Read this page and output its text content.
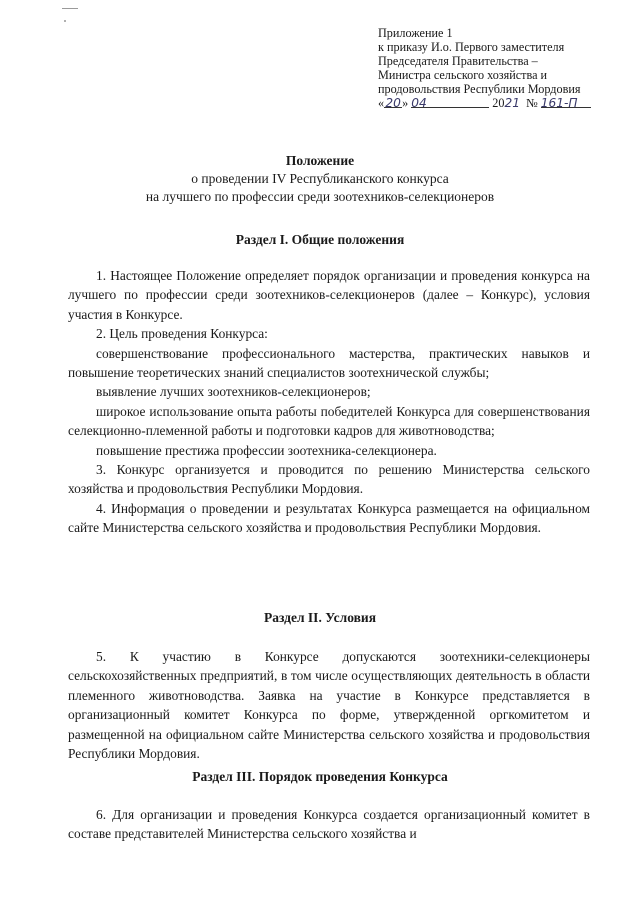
Приложение 1
к приказу И.о. Первого заместителя
Председателя Правительства –
Министра сельского хозяйства и
продовольствия Республики Мордовия
«20» 04	2021 № 161-П
Положение
о проведении IV Республиканского конкурса
на лучшего по профессии среди зоотехников-селекционеров
Раздел I. Общие положения

1. Настоящее Положение определяет порядок организации и проведения конкурса на лучшего по профессии среди зоотехников-селекционеров (далее – Конкурс), условия участия в Конкурсе.

2. Цель проведения Конкурса:

совершенствование профессионального мастерства, практических навыков и повышение теоретических знаний специалистов зоотехнической службы;

выявление лучших зоотехников-селекционеров;

широкое использование опыта работы победителей Конкурса для совершенствования селекционно-племенной работы и подготовки кадров для животноводства;

повышение престижа профессии зоотехника-селекционера.

3. Конкурс организуется и проводится по решению Министерства сельского хозяйства и продовольствия Республики Мордовия.

4. Информация о проведении и результатах Конкурса размещается на официальном сайте Министерства сельского хозяйства и продовольствия Республики Мордовия.

Раздел II. Условия

5. К участию в Конкурсе допускаются зоотехники-селекционеры сельскохозяйственных предприятий, в том числе осуществляющих деятельность в области племенного животноводства. Заявка на участие в Конкурсе представляется в организационный комитет Конкурса по форме, утвержденной оргкомитетом и размещенной на официальном сайте Министерства сельского хозяйства и продовольствия Республики Мордовия.

Раздел III. Порядок проведения Конкурса

6. Для организации и проведения Конкурса создается организационный комитет в составе представителей Министерства сельского хозяйства и
